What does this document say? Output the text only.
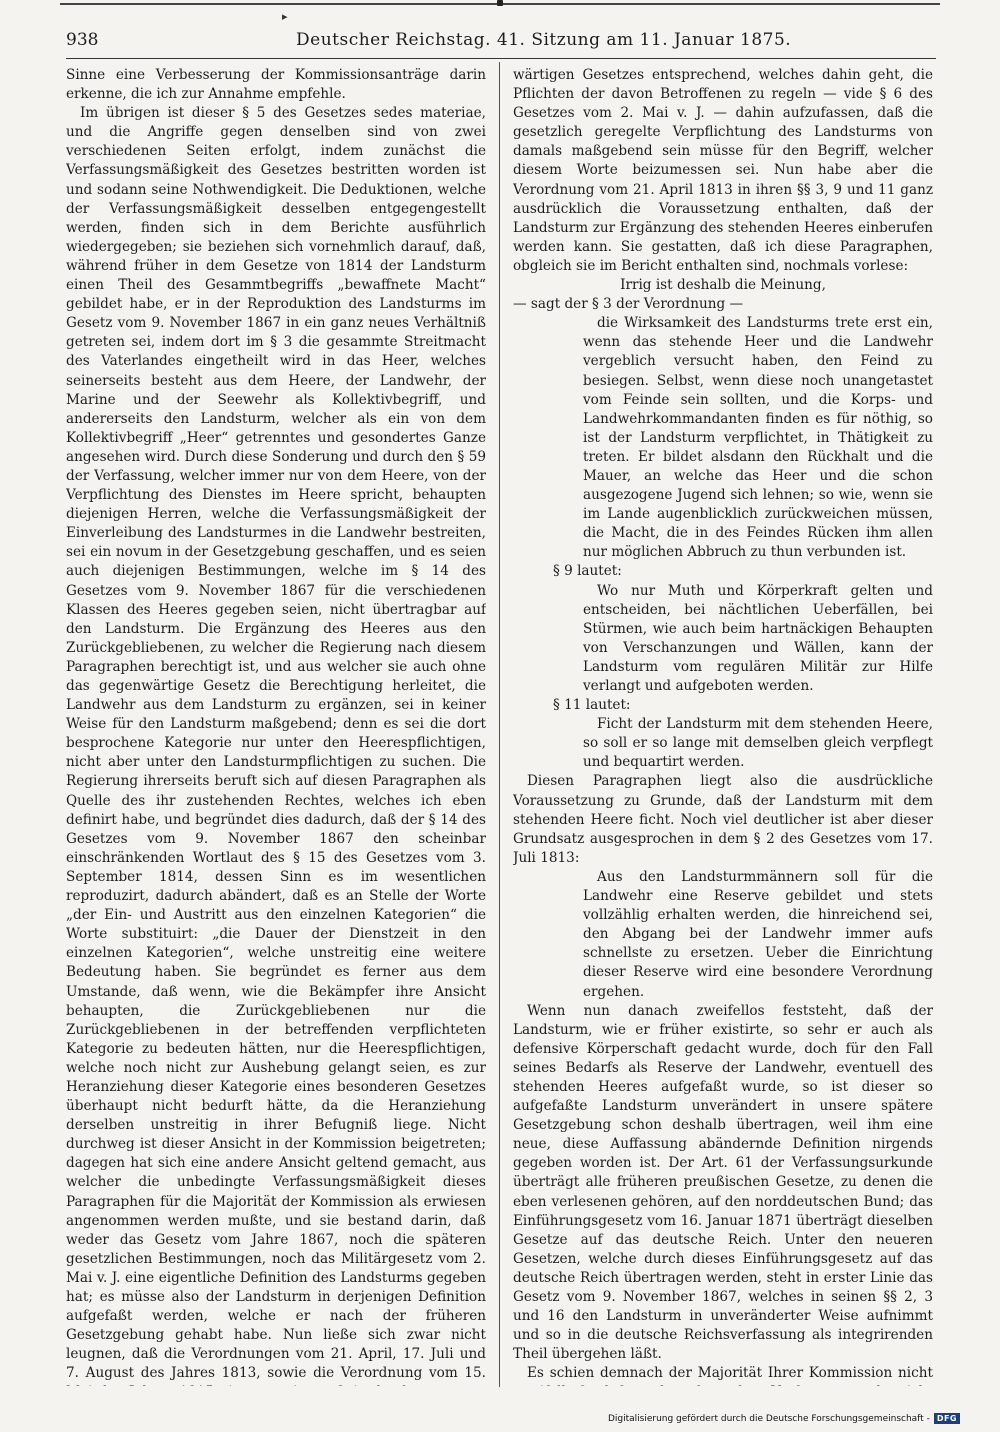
▸
938	Deutscher Reichstag. 41. Sitzung am 11. Januar 1875.

Sinne eine Verbesserung der Kommissionsanträge darin erkenne, die ich zur Annahme empfehle.

Im übrigen ist dieser § 5 des Gesetzes sedes materiae, und die Angriffe gegen denselben sind von zwei verschiedenen Seiten erfolgt, indem zunächst die Verfassungsmäßigkeit des Gesetzes bestritten worden ist und sodann seine Nothwendigkeit. Die Deduktionen, welche der Verfassungsmäßigkeit desselben entgegengestellt werden, finden sich in dem Berichte ausführlich wiedergegeben; sie beziehen sich vornehmlich darauf, daß, während früher in dem Gesetze von 1814 der Landsturm einen Theil des Gesammtbegriffs „bewaffnete Macht“ gebildet habe, er in der Reproduktion des Landsturms im Gesetz vom 9. November 1867 in ein ganz neues Verhältniß getreten sei, indem dort im § 3 die gesammte Streitmacht des Vaterlandes eingetheilt wird in das Heer, welches seinerseits besteht aus dem Heere, der Landwehr, der Marine und der Seewehr als Kollektivbegriff, und andererseits den Landsturm, welcher als ein von dem Kollektivbegriff „Heer“ getrenntes und gesondertes Ganze angesehen wird. Durch diese Sonderung und durch den § 59 der Verfassung, welcher immer nur von dem Heere, von der Verpflichtung des Dienstes im Heere spricht, behaupten diejenigen Herren, welche die Verfassungsmäßigkeit der Einverleibung des Landsturmes in die Landwehr bestreiten, sei ein novum in der Gesetzgebung geschaffen, und es seien auch diejenigen Bestimmungen, welche im § 14 des Gesetzes vom 9. November 1867 für die verschiedenen Klassen des Heeres gegeben seien, nicht übertragbar auf den Landsturm. Die Ergänzung des Heeres aus den Zurückgebliebenen, zu welcher die Regierung nach diesem Paragraphen berechtigt ist, und aus welcher sie auch ohne das gegenwärtige Gesetz die Berechtigung herleitet, die Landwehr aus dem Landsturm zu ergänzen, sei in keiner Weise für den Landsturm maßgebend; denn es sei die dort besprochene Kategorie nur unter den Heerespflichtigen, nicht aber unter den Landsturmpflichtigen zu suchen. Die Regierung ihrerseits beruft sich auf diesen Paragraphen als Quelle des ihr zustehenden Rechtes, welches ich eben definirt habe, und begründet dies dadurch, daß der § 14 des Gesetzes vom 9. November 1867 den scheinbar einschränkenden Wortlaut des § 15 des Gesetzes vom 3. September 1814, dessen Sinn es im wesentlichen reproduzirt, dadurch abändert, daß es an Stelle der Worte „der Ein- und Austritt aus den einzelnen Kategorien“ die Worte substituirt: „die Dauer der Dienstzeit in den einzelnen Kategorien“, welche unstreitig eine weitere Bedeutung haben. Sie begründet es ferner aus dem Umstande, daß wenn, wie die Bekämpfer ihre Ansicht behaupten, die Zurückgebliebenen nur die Zurückgebliebenen in der betreffenden verpflichteten Kategorie zu bedeuten hätten, nur die Heerespflichtigen, welche noch nicht zur Aushebung gelangt seien, es zur Heranziehung dieser Kategorie eines besonderen Gesetzes überhaupt nicht bedurft hätte, da die Heranziehung derselben unstreitig in ihrer Befugniß liege. Nicht durchweg ist dieser Ansicht in der Kommission beigetreten; dagegen hat sich eine andere Ansicht geltend gemacht, aus welcher die unbedingte Verfassungsmäßigkeit dieses Paragraphen für die Majorität der Kommission als erwiesen angenommen werden mußte, und sie bestand darin, daß weder das Gesetz vom Jahre 1867, noch die späteren gesetzlichen Bestimmungen, noch das Militärgesetz vom 2. Mai v. J. eine eigentliche Definition des Landsturms gegeben hat; es müsse also der Landsturm in derjenigen Definition aufgefaßt werden, welche er nach der früheren Gesetzgebung gehabt habe. Nun ließe sich zwar nicht leugnen, daß die Verordnungen vom 21. April, 17. Juli und 7. August des Jahres 1813, sowie die Verordnung vom 15.

wärtigen Gesetzes entsprechend, welches dahin geht, die Pflichten der davon Betroffenen zu regeln — vide § 6 des Gesetzes vom 2. Mai v. J. — dahin aufzufassen, daß die gesetzlich geregelte Verpflichtung des Landsturms von damals maßgebend sein müsse für den Begriff, welcher diesem Worte beizumessen sei. Nun habe aber die Verordnung vom 21. April 1813 in ihren §§ 3, 9 und 11 ganz ausdrücklich die Voraussetzung enthalten, daß der Landsturm zur Ergänzung des stehenden Heeres einberufen werden kann. Sie gestatten, daß ich diese Paragraphen, obgleich sie im Bericht enthalten sind, nochmals vorlese:

Irrig ist deshalb die Meinung,

— sagt der § 3 der Verordnung —

die Wirksamkeit des Landsturms trete erst ein, wenn das stehende Heer und die Landwehr vergeblich versucht haben, den Feind zu besiegen. Selbst, wenn diese noch unangetastet vom Feinde sein sollten, und die Korps- und Landwehrkommandanten finden es für nöthig, so ist der Landsturm verpflichtet, in Thätigkeit zu treten. Er bildet alsdann den Rückhalt und die Mauer, an welche das Heer und die schon ausgezogene Jugend sich lehnen; so wie, wenn sie im Lande augenblicklich zurückweichen müssen, die Macht, die in des Feindes Rücken ihm allen nur möglichen Abbruch zu thun verbunden ist.

§ 9 lautet:

Wo nur Muth und Körperkraft gelten und entscheiden, bei nächtlichen Ueberfällen, bei Stürmen, wie auch beim hartnäckigen Behaupten von Verschanzungen und Wällen, kann der Landsturm vom regulären Militär zur Hilfe verlangt und aufgeboten werden.

§ 11 lautet:

Ficht der Landsturm mit dem stehenden Heere, so soll er so lange mit demselben gleich verpflegt und bequartirt werden.

Diesen Paragraphen liegt also die ausdrückliche Voraussetzung zu Grunde, daß der Landsturm mit dem stehenden Heere ficht. Noch viel deutlicher ist aber dieser Grundsatz ausgesprochen in dem § 2 des Gesetzes vom 17. Juli 1813:

Aus den Landsturmmännern soll für die Landwehr eine Reserve gebildet und stets vollzählig erhalten werden, die hinreichend sei, den Abgang bei der Landwehr immer aufs schnellste zu ersetzen. Ueber die Einrichtung dieser Reserve wird eine besondere Verordnung ergehen.

Wenn nun danach zweifellos feststeht, daß der Landsturm, wie er früher existirte, so sehr er auch als defensive Körperschaft gedacht wurde, doch für den Fall seines Bedarfs als Reserve der Landwehr, eventuell des stehenden Heeres aufgefaßt wurde, so ist dieser so aufgefaßte Landsturm unverändert in unsere spätere Gesetzgebung schon deshalb übertragen, weil ihm eine neue, diese Auffassung abändernde Definition nirgends gegeben worden ist. Der Art. 61 der Verfassungsurkunde überträgt alle früheren preußischen Gesetze, zu denen die eben verlesenen gehören, auf den norddeutschen Bund; das Einführungsgesetz vom 16. Januar 1871 überträgt dieselben Gesetze auf das deutsche Reich. Unter den neueren Gesetzen, welche durch dieses Einführungsgesetz auf das deutsche Reich übertragen werden, steht in erster Linie das Gesetz vom 9. November 1867, welches in seinen §§ 2, 3 und 16 den Landsturm in unveränderter Weise aufnimmt und so in die deutsche Reichsverfassung als integrirenden Theil übergehen läßt.

Es schien demnach der Majorität Ihrer Kommission nicht

Digitalisierung gefördert durch die Deutsche Forschungsgemeinschaft - DFG
